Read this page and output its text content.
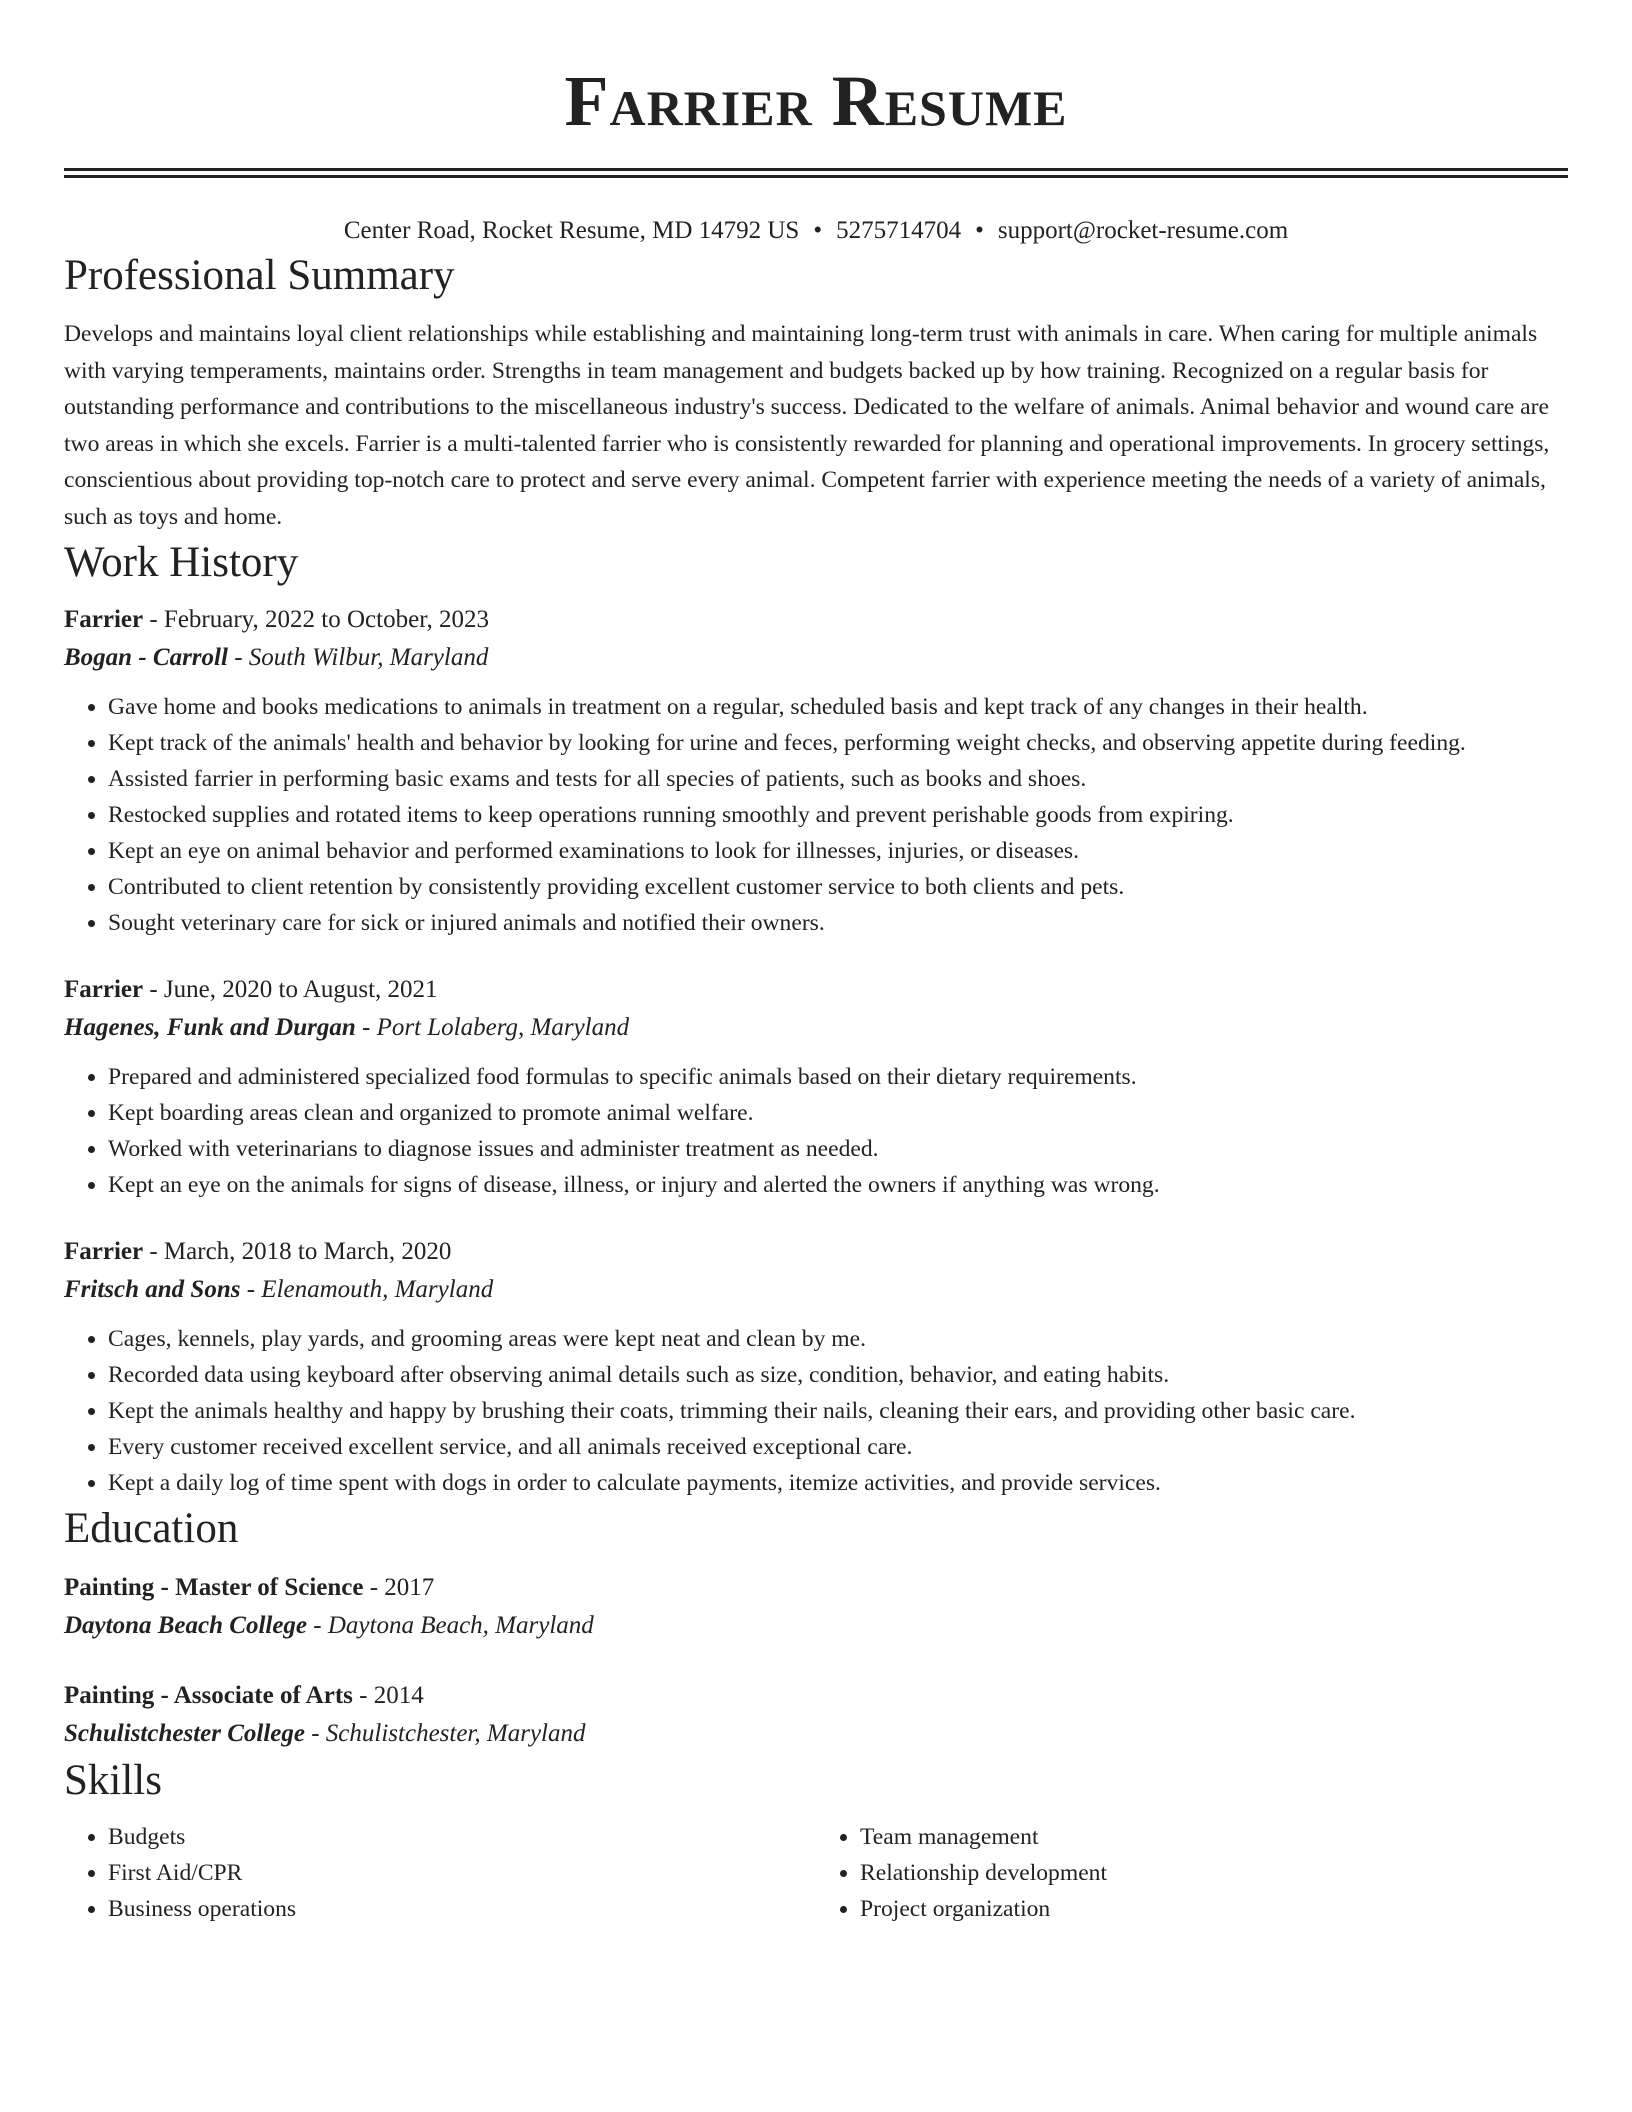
Farrier Resume
Center Road, Rocket Resume, MD 14792 US • 5275714704 • support@rocket-resume.com
Professional Summary

Develops and maintains loyal client relationships while establishing and maintaining long-term trust with animals in care. When caring for multiple animals with varying temperaments, maintains order. Strengths in team management and budgets backed up by how training. Recognized on a regular basis for outstanding performance and contributions to the miscellaneous industry's success. Dedicated to the welfare of animals. Animal behavior and wound care are two areas in which she excels. Farrier is a multi-talented farrier who is consistently rewarded for planning and operational improvements. In grocery settings, conscientious about providing top-notch care to protect and serve every animal. Competent farrier with experience meeting the needs of a variety of animals, such as toys and home.

Work History
Farrier - February, 2022 to October, 2023
Bogan - Carroll - South Wilbur, Maryland
• Gave home and books medications to animals in treatment on a regular, scheduled basis and kept track of any changes in their health.
• Kept track of the animals' health and behavior by looking for urine and feces, performing weight checks, and observing appetite during feeding.
• Assisted farrier in performing basic exams and tests for all species of patients, such as books and shoes.
• Restocked supplies and rotated items to keep operations running smoothly and prevent perishable goods from expiring.
• Kept an eye on animal behavior and performed examinations to look for illnesses, injuries, or diseases.
• Contributed to client retention by consistently providing excellent customer service to both clients and pets.
• Sought veterinary care for sick or injured animals and notified their owners.
Farrier - June, 2020 to August, 2021
Hagenes, Funk and Durgan - Port Lolaberg, Maryland
• Prepared and administered specialized food formulas to specific animals based on their dietary requirements.
• Kept boarding areas clean and organized to promote animal welfare.
• Worked with veterinarians to diagnose issues and administer treatment as needed.
• Kept an eye on the animals for signs of disease, illness, or injury and alerted the owners if anything was wrong.
Farrier - March, 2018 to March, 2020
Fritsch and Sons - Elenamouth, Maryland
• Cages, kennels, play yards, and grooming areas were kept neat and clean by me.
• Recorded data using keyboard after observing animal details such as size, condition, behavior, and eating habits.
• Kept the animals healthy and happy by brushing their coats, trimming their nails, cleaning their ears, and providing other basic care.
• Every customer received excellent service, and all animals received exceptional care.
• Kept a daily log of time spent with dogs in order to calculate payments, itemize activities, and provide services.
Education
Painting - Master of Science - 2017
Daytona Beach College - Daytona Beach, Maryland
Painting - Associate of Arts - 2014
Schulistchester College - Schulistchester, Maryland
Skills
• Budgets
• First Aid/CPR
• Business operations
• Team management
• Relationship development
• Project organization
